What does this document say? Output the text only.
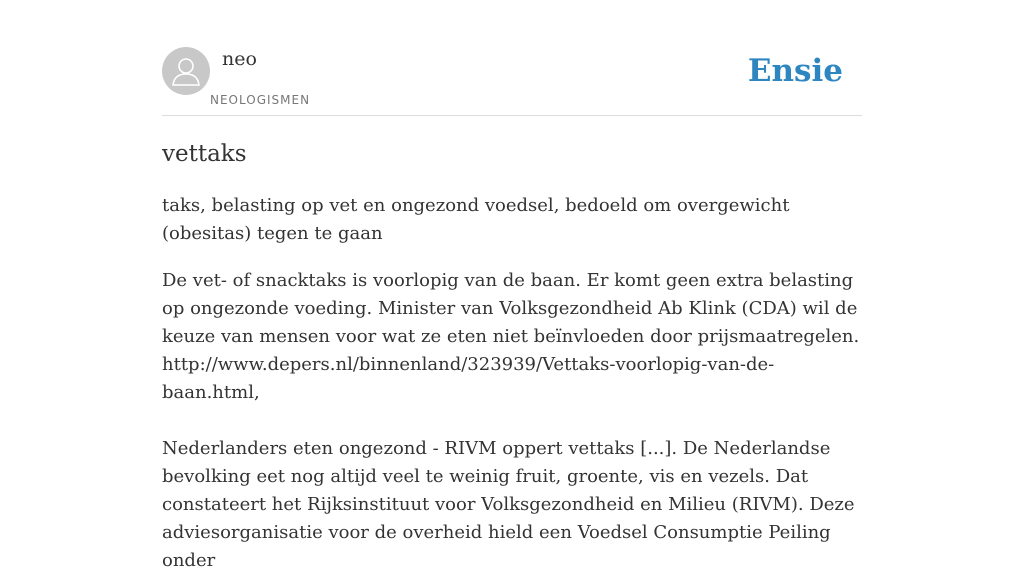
neo
NEOLOGISMEN
Ensie
vettaks

taks, belasting op vet en ongezond voedsel, bedoeld om overgewicht (obesitas) tegen te gaan

De vet- of snacktaks is voorlopig van de baan. Er komt geen extra belasting op ongezonde voeding. Minister van Volksgezondheid Ab Klink (CDA) wil de keuze van mensen voor wat ze eten niet beïnvloeden door prijsmaatregelen. http://www.depers.nl/binnenland/323939/Vettaks-voorlopig-van-de-baan.html,

Nederlanders eten ongezond - RIVM oppert vettaks [...]. De Nederlandse bevolking eet nog altijd veel te weinig fruit, groente, vis en vezels. Dat constateert het Rijksinstituut voor Volksgezondheid en Milieu (RIVM). Deze adviesorganisatie voor de overheid hield een Voedsel Consumptie Peiling onder
